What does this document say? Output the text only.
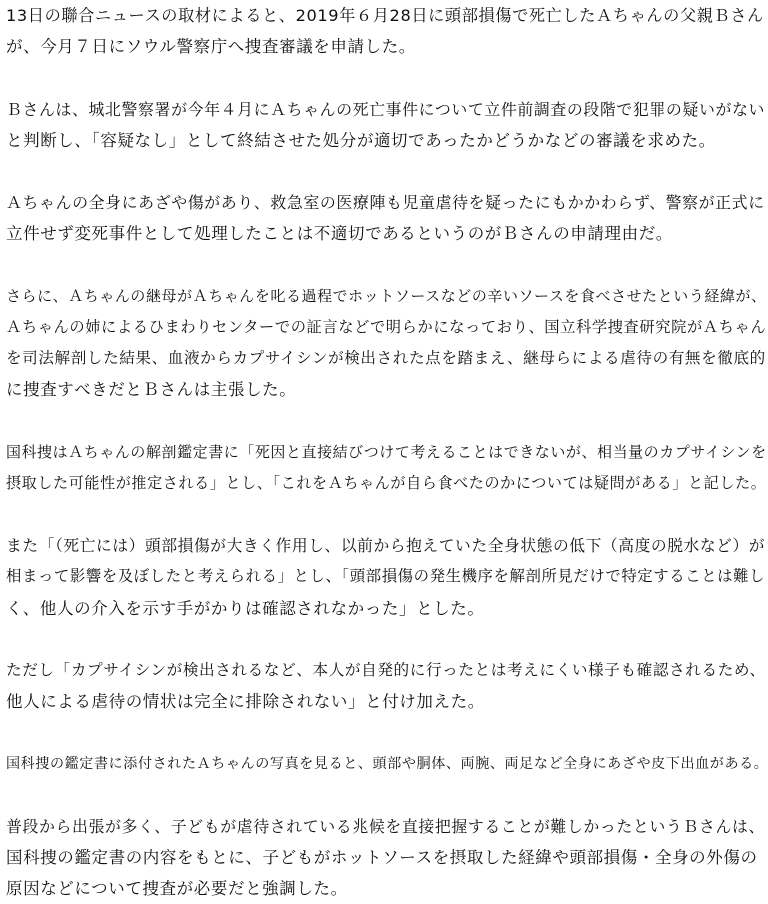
13日の聯合ニュースの取材によると、2019年６月28日に頭部損傷で死亡したＡちゃんの父親Ｂさん
が、今月７日にソウル警察庁へ捜査審議を申請した。

Ｂさんは、城北警察署が今年４月にＡちゃんの死亡事件について立件前調査の段階で犯罪の疑いがない
と判断し、「容疑なし」として終結させた処分が適切であったかどうかなどの審議を求めた。

Ａちゃんの全身にあざや傷があり、救急室の医療陣も児童虐待を疑ったにもかかわらず、警察が正式に
立件せず変死事件として処理したことは不適切であるというのがＢさんの申請理由だ。

さらに、Ａちゃんの継母がＡちゃんを叱る過程でホットソースなどの辛いソースを食べさせたという経緯が、
Ａちゃんの姉によるひまわりセンターでの証言などで明らかになっており、国立科学捜査研究院がＡちゃん
を司法解剖した結果、血液からカプサイシンが検出された点を踏まえ、継母らによる虐待の有無を徹底的
に捜査すべきだとＢさんは主張した。

国科捜はＡちゃんの解剖鑑定書に「死因と直接結びつけて考えることはできないが、相当量のカプサイシンを
摂取した可能性が推定される」とし、「これをＡちゃんが自ら食べたのかについては疑問がある」と記した。

また「（死亡には）頭部損傷が大きく作用し、以前から抱えていた全身状態の低下（高度の脱水など）が
相まって影響を及ぼしたと考えられる」とし、「頭部損傷の発生機序を解剖所見だけで特定することは難し
く、他人の介入を示す手がかりは確認されなかった」とした。

ただし「カプサイシンが検出されるなど、本人が自発的に行ったとは考えにくい様子も確認されるため、
他人による虐待の情状は完全に排除されない」と付け加えた。

国科捜の鑑定書に添付されたＡちゃんの写真を見ると、頭部や胴体、両腕、両足など全身にあざや皮下出血がある。

普段から出張が多く、子どもが虐待されている兆候を直接把握することが難しかったというＢさんは、
国科捜の鑑定書の内容をもとに、子どもがホットソースを摂取した経緯や頭部損傷・全身の外傷の
原因などについて捜査が必要だと強調した。
